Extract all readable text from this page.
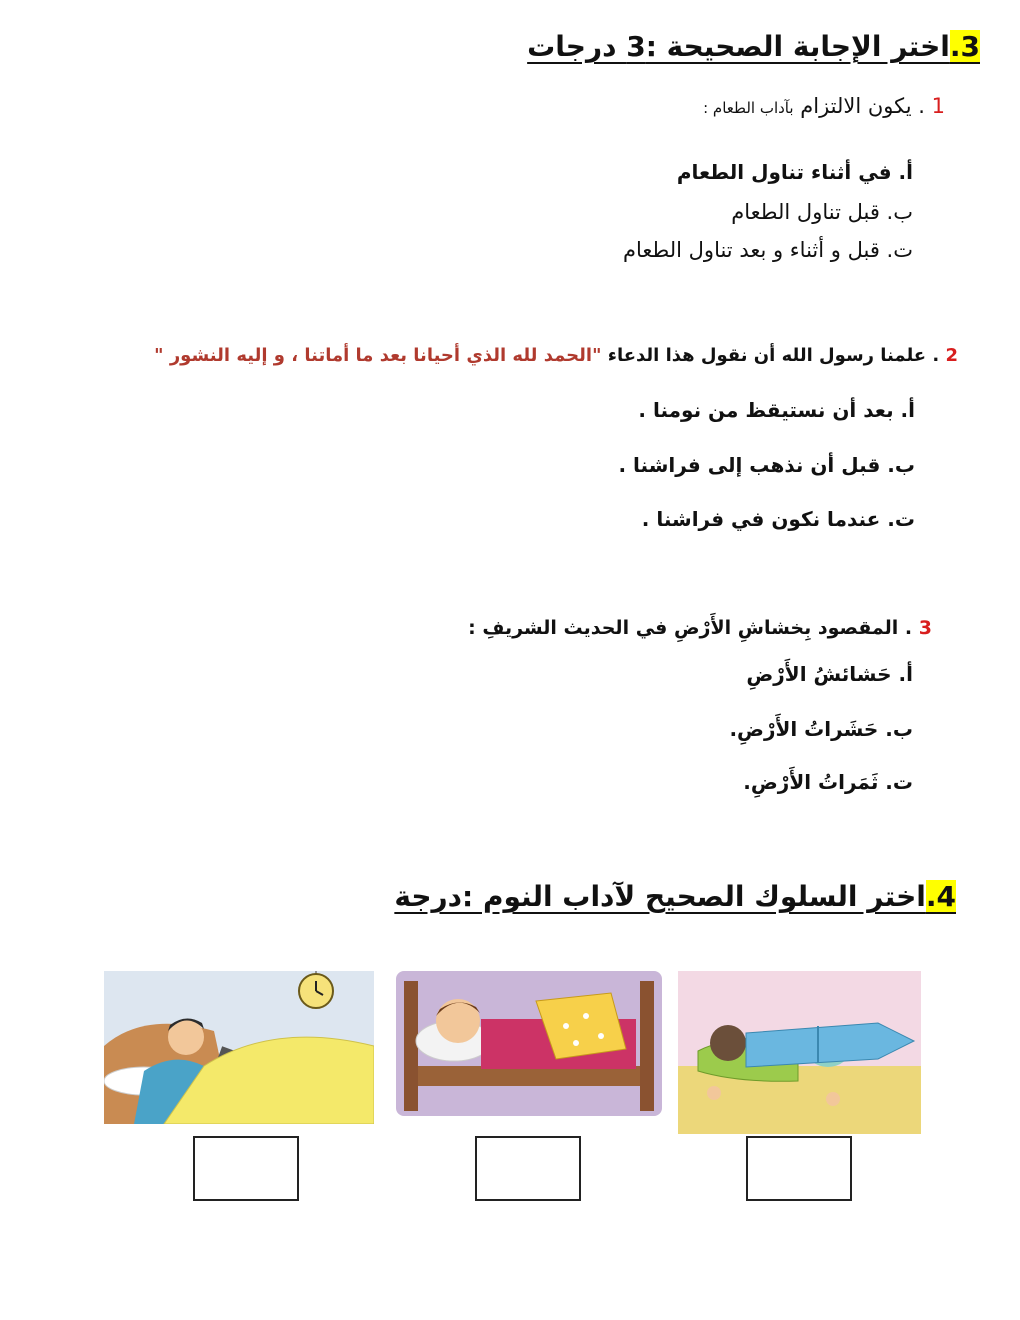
3.اختر الإجابة الصحيحة :3 درجات
1 . يكون الالتزام بآداب الطعام :
أ. في أثناء تناول الطعام
ب. قبل تناول الطعام
ت. قبل و أثناء و بعد تناول الطعام
2 . علمنا رسول الله أن نقول هذا الدعاء "الحمد لله الذي أحيانا بعد ما أماتنا ، و إليه النشور "
أ. بعد أن نستيقظ من نومنا .
ب. قبل أن نذهب إلى فراشنا .
ت. عندما نكون في فراشنا .
3 . المقصود بِخشاشِ الأَرْضِ في الحديث الشريفِ :
أ. حَشائشُ الأَرْضِ
ب. حَشَراتُ الأَرْضِ.
ت. ثَمَراتُ الأَرْضِ.
4.اختر السلوك الصحيح لآداب النوم :درجة
